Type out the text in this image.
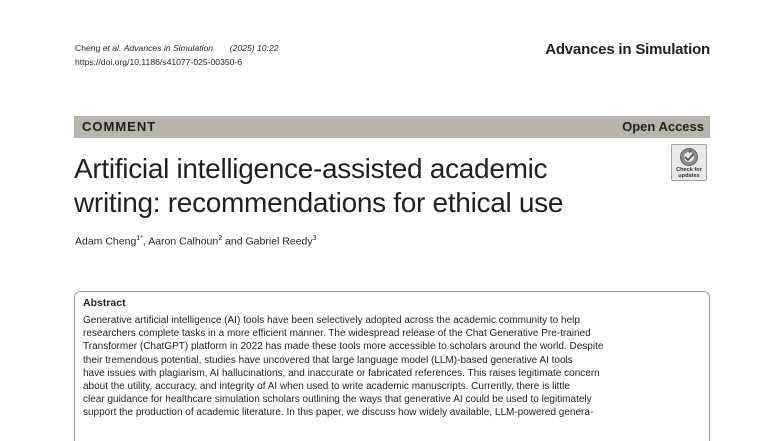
Cheng et al. Advances in Simulation (2025) 10:22
https://doi.org/10.1186/s41077-025-00350-6
Advances in Simulation
COMMENT	Open Access
Check for updates
Artificial intelligence-assisted academic
writing: recommendations for ethical use
Adam Cheng$^{1*}$, Aaron Calhoun$^2$ and Gabriel Reedy$^3$
Abstract

Generative artificial intelligence (AI) tools have been selectively adopted across the academic community to help
researchers complete tasks in a more efficient manner. The widespread release of the Chat Generative Pre-trained
Transformer (ChatGPT) platform in 2022 has made these tools more accessible to scholars around the world. Despite
their tremendous potential, studies have uncovered that large language model (LLM)-based generative AI tools
have issues with plagiarism, AI hallucinations, and inaccurate or fabricated references. This raises legitimate concern
about the utility, accuracy, and integrity of AI when used to write academic manuscripts. Currently, there is little
clear guidance for healthcare simulation scholars outlining the ways that generative AI could be used to legitimately
support the production of academic literature. In this paper, we discuss how widely available, LLM-powered genera-
